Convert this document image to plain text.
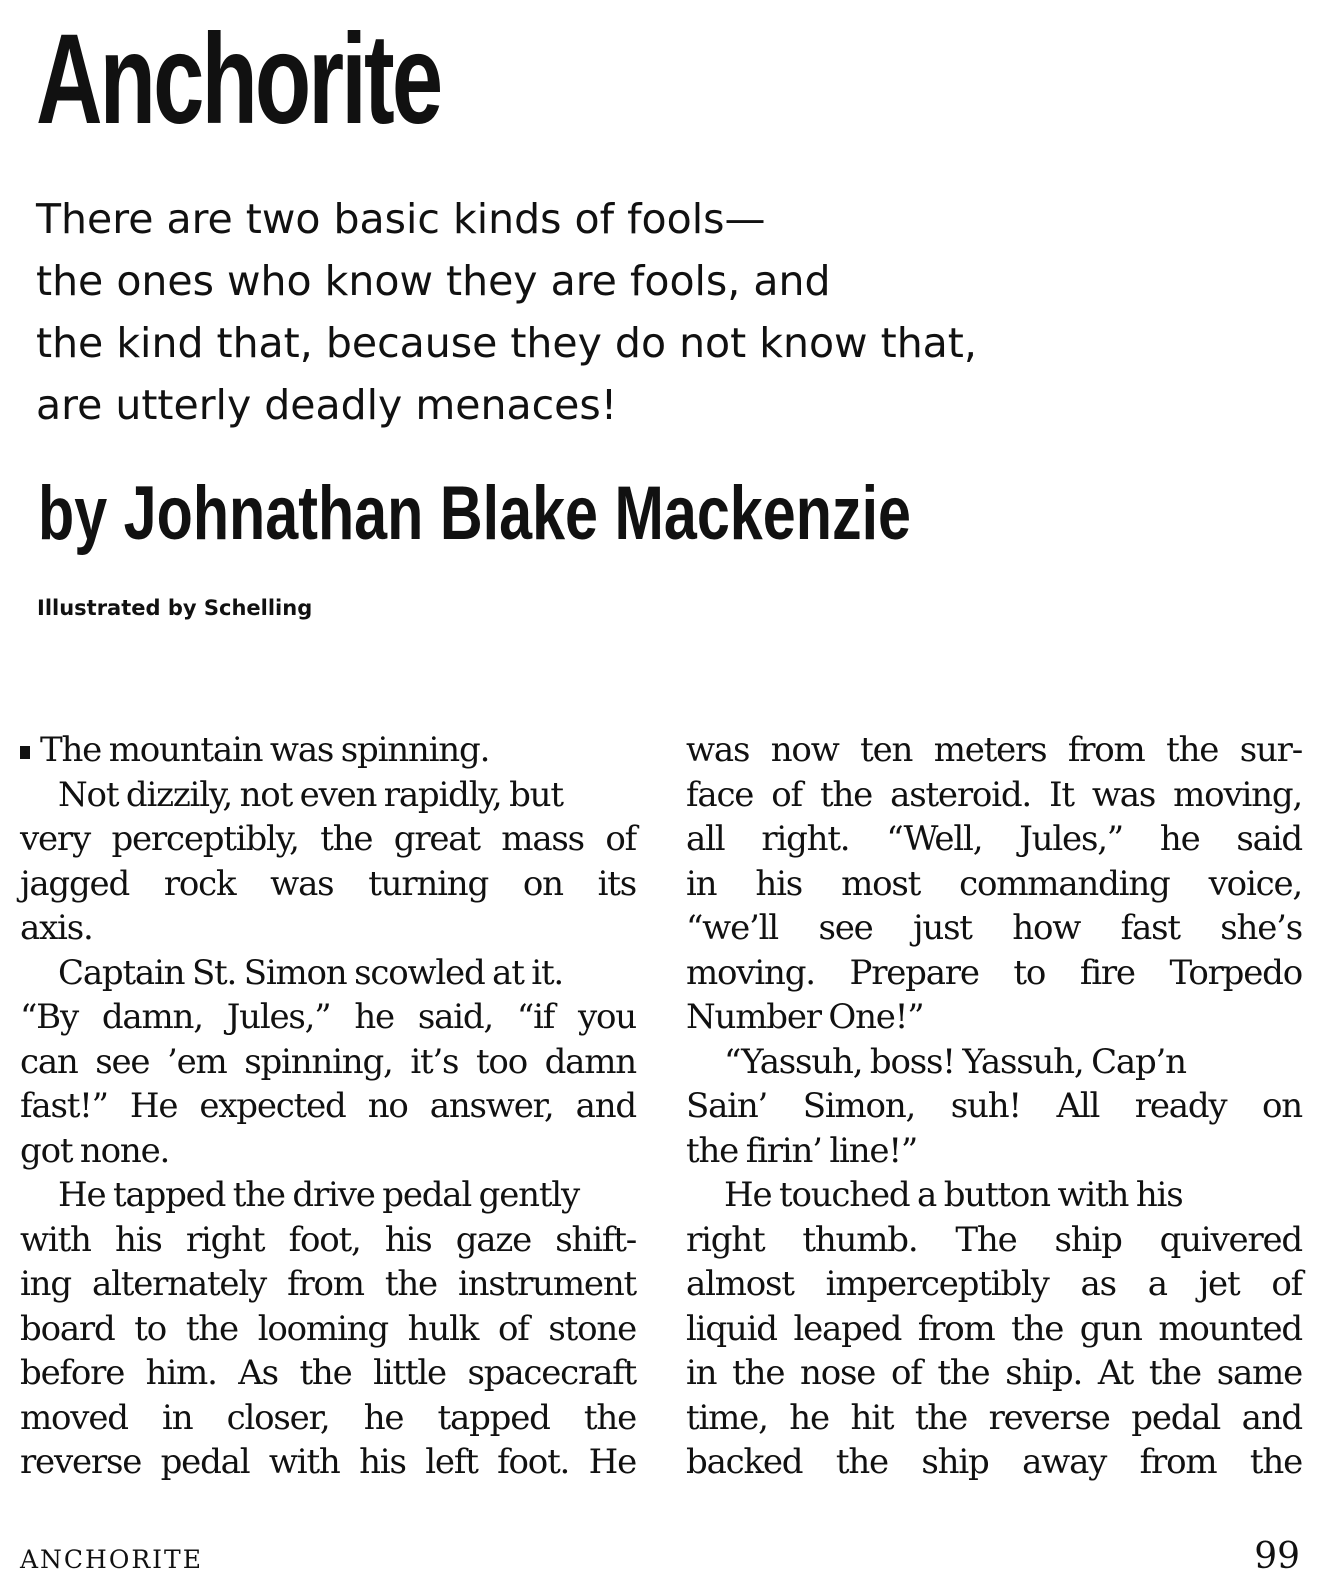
Anchorite
There are two basic kinds of fools—
the ones who know they are fools, and
the kind that, because they do not know that,
are utterly deadly menaces!
by Johnathan Blake Mackenzie
Illustrated by Schelling
The mountain was spinning.
Not dizzily, not even rapidly, but
very perceptibly, the great mass of
jagged rock was turning on its
axis.
Captain St. Simon scowled at it.
“By damn, Jules,” he said, “if you
can see ’em spinning, it’s too damn
fast!” He expected no answer, and
got none.
He tapped the drive pedal gently
with his right foot, his gaze shift-
ing alternately from the instrument
board to the looming hulk of stone
before him. As the little spacecraft
moved in closer, he tapped the
reverse pedal with his left foot. He
was now ten meters from the sur-
face of the asteroid. It was moving,
all right. “Well, Jules,” he said
in his most commanding voice,
“we’ll see just how fast she’s
moving. Prepare to fire Torpedo
Number One!”
“Yassuh, boss! Yassuh, Cap’n
Sain’ Simon, suh! All ready on
the firin’ line!”
He touched a button with his
right thumb. The ship quivered
almost imperceptibly as a jet of
liquid leaped from the gun mounted
in the nose of the ship. At the same
time, he hit the reverse pedal and
backed the ship away from the
ANCHORITE	99
